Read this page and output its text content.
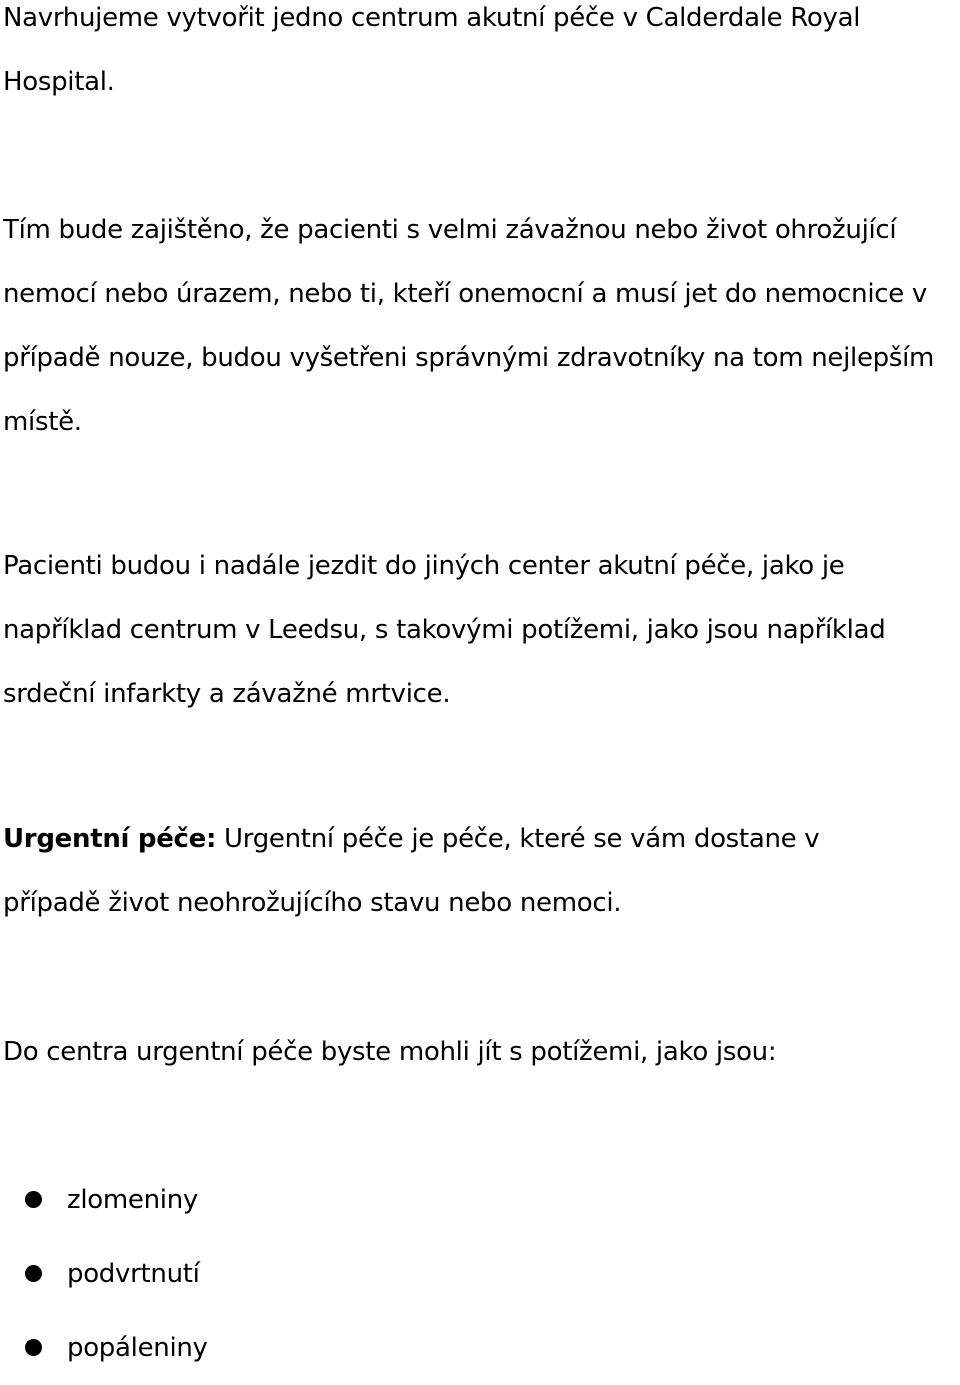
Navrhujeme vytvořit jedno centrum akutní péče v Calderdale Royal
Hospital.

Tím bude zajištěno, že pacienti s velmi závažnou nebo život ohrožující
nemocí nebo úrazem, nebo ti, kteří onemocní a musí jet do nemocnice v
případě nouze, budou vyšetřeni správnými zdravotníky na tom nejlepším
místě.

Pacienti budou i nadále jezdit do jiných center akutní péče, jako je
například centrum v Leedsu, s takovými potížemi, jako jsou například
srdeční infarkty a závažné mrtvice.

Urgentní péče: Urgentní péče je péče, které se vám dostane v
případě život neohrožujícího stavu nebo nemoci.

Do centra urgentní péče byste mohli jít s potížemi, jako jsou:

zlomeniny
podvrtnutí
popáleniny
